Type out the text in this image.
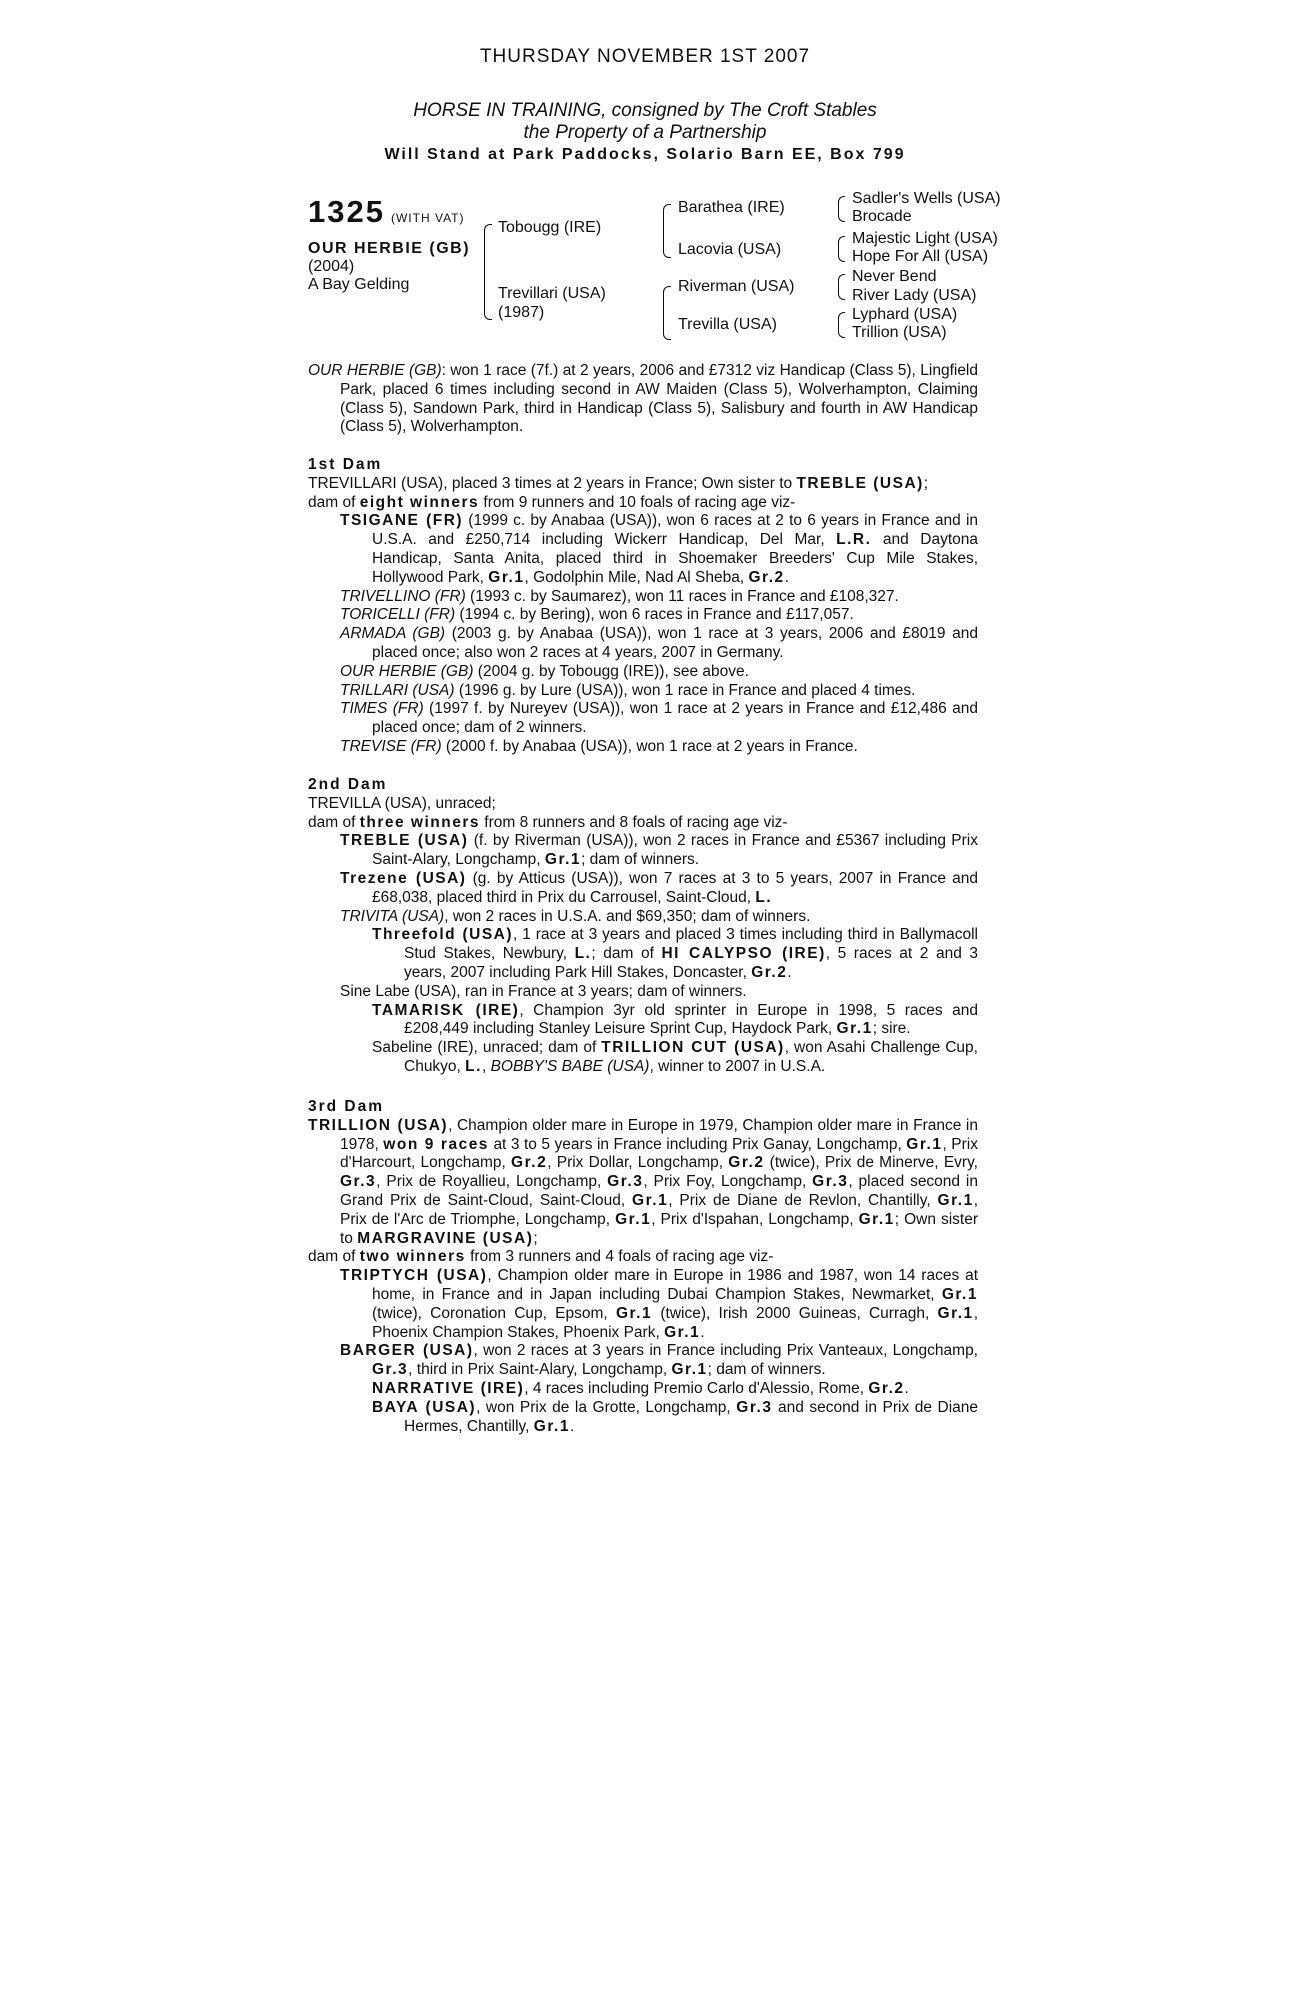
THURSDAY NOVEMBER 1ST 2007
HORSE IN TRAINING, consigned by The Croft Stables
the Property of a Partnership
Will Stand at Park Paddocks, Solario Barn EE, Box 799
1325 (WITH VAT)
OUR HERBIE (GB)
(2004)
A Bay Gelding
Tobougg (IRE)
Trevillari (USA)
(1987)
Barathea (IRE)
Lacovia (USA)
Riverman (USA)
Trevilla (USA)
Sadler's Wells (USA)
Brocade
Majestic Light (USA)
Hope For All (USA)
Never Bend
River Lady (USA)
Lyphard (USA)
Trillion (USA)

OUR HERBIE (GB): won 1 race (7f.) at 2 years, 2006 and £7312 viz Handicap (Class 5), Lingfield Park, placed 6 times including second in AW Maiden (Class 5), Wolverhampton, Claiming (Class 5), Sandown Park, third in Handicap (Class 5), Salisbury and fourth in AW Handicap (Class 5), Wolverhampton.

1st Dam

TREVILLARI (USA), placed 3 times at 2 years in France; Own sister to TREBLE (USA);

dam of eight winners from 9 runners and 10 foals of racing age viz-

TSIGANE (FR) (1999 c. by Anabaa (USA)), won 6 races at 2 to 6 years in France and in U.S.A. and £250,714 including Wickerr Handicap, Del Mar, L.R. and Daytona Handicap, Santa Anita, placed third in Shoemaker Breeders' Cup Mile Stakes, Hollywood Park, Gr.1, Godolphin Mile, Nad Al Sheba, Gr.2.

TRIVELLINO (FR) (1993 c. by Saumarez), won 11 races in France and £108,327.

TORICELLI (FR) (1994 c. by Bering), won 6 races in France and £117,057.

ARMADA (GB) (2003 g. by Anabaa (USA)), won 1 race at 3 years, 2006 and £8019 and placed once; also won 2 races at 4 years, 2007 in Germany.

OUR HERBIE (GB) (2004 g. by Tobougg (IRE)), see above.

TRILLARI (USA) (1996 g. by Lure (USA)), won 1 race in France and placed 4 times.

TIMES (FR) (1997 f. by Nureyev (USA)), won 1 race at 2 years in France and £12,486 and placed once; dam of 2 winners.

TREVISE (FR) (2000 f. by Anabaa (USA)), won 1 race at 2 years in France.

2nd Dam

TREVILLA (USA), unraced;

dam of three winners from 8 runners and 8 foals of racing age viz-

TREBLE (USA) (f. by Riverman (USA)), won 2 races in France and £5367 including Prix Saint-Alary, Longchamp, Gr.1; dam of winners.

Trezene (USA) (g. by Atticus (USA)), won 7 races at 3 to 5 years, 2007 in France and £68,038, placed third in Prix du Carrousel, Saint-Cloud, L.

TRIVITA (USA), won 2 races in U.S.A. and $69,350; dam of winners.

Threefold (USA), 1 race at 3 years and placed 3 times including third in Ballymacoll Stud Stakes, Newbury, L.; dam of HI CALYPSO (IRE), 5 races at 2 and 3 years, 2007 including Park Hill Stakes, Doncaster, Gr.2.

Sine Labe (USA), ran in France at 3 years; dam of winners.

TAMARISK (IRE), Champion 3yr old sprinter in Europe in 1998, 5 races and £208,449 including Stanley Leisure Sprint Cup, Haydock Park, Gr.1; sire.

Sabeline (IRE), unraced; dam of TRILLION CUT (USA), won Asahi Challenge Cup, Chukyo, L., BOBBY'S BABE (USA), winner to 2007 in U.S.A.

3rd Dam

TRILLION (USA), Champion older mare in Europe in 1979, Champion older mare in France in 1978, won 9 races at 3 to 5 years in France including Prix Ganay, Longchamp, Gr.1, Prix d'Harcourt, Longchamp, Gr.2, Prix Dollar, Longchamp, Gr.2 (twice), Prix de Minerve, Evry, Gr.3, Prix de Royallieu, Longchamp, Gr.3, Prix Foy, Longchamp, Gr.3, placed second in Grand Prix de Saint-Cloud, Saint-Cloud, Gr.1, Prix de Diane de Revlon, Chantilly, Gr.1, Prix de l'Arc de Triomphe, Longchamp, Gr.1, Prix d'Ispahan, Longchamp, Gr.1; Own sister to MARGRAVINE (USA);

dam of two winners from 3 runners and 4 foals of racing age viz-

TRIPTYCH (USA), Champion older mare in Europe in 1986 and 1987, won 14 races at home, in France and in Japan including Dubai Champion Stakes, Newmarket, Gr.1 (twice), Coronation Cup, Epsom, Gr.1 (twice), Irish 2000 Guineas, Curragh, Gr.1, Phoenix Champion Stakes, Phoenix Park, Gr.1.

BARGER (USA), won 2 races at 3 years in France including Prix Vanteaux, Longchamp, Gr.3, third in Prix Saint-Alary, Longchamp, Gr.1; dam of winners.

NARRATIVE (IRE), 4 races including Premio Carlo d'Alessio, Rome, Gr.2.

BAYA (USA), won Prix de la Grotte, Longchamp, Gr.3 and second in Prix de Diane Hermes, Chantilly, Gr.1.
